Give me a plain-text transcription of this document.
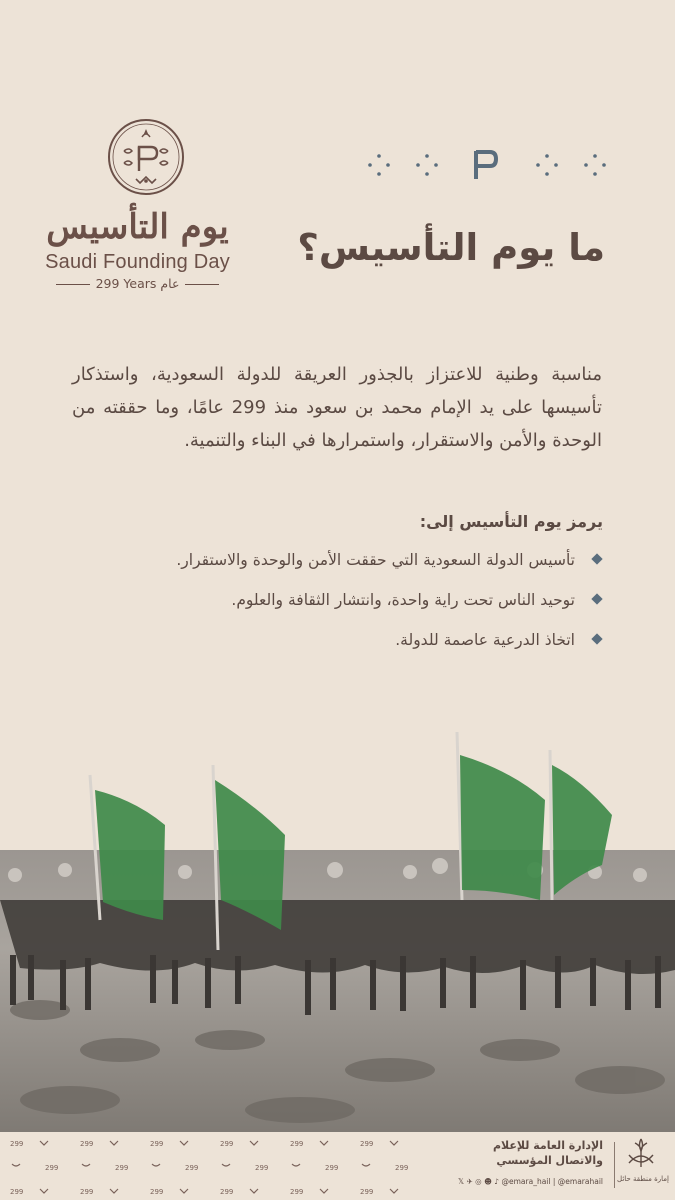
يوم التأسيس
Saudi Founding Day
299 Years عام
ما يوم التأسيس؟

مناسبة وطنية للاعتزاز بالجذور العريقة للدولة السعودية، واستذكار تأسيسها على يد الإمام محمد بن سعود منذ 299 عامًا، وما حققته من الوحدة والأمن والاستقرار، واستمرارها في البناء والتنمية.

يرمز يوم التأسيس إلى:

تأسيس الدولة السعودية التي حققت الأمن والوحدة والاستقرار.
توحيد الناس تحت راية واحدة، وانتشار الثقافة والعلوم.
اتخاذ الدرعية عاصمة للدولة.
299	299	299	299	299	299
299	299	299	299	299	299
299	299	299	299	299	299
الإدارة العامة للإعلام
والاتصال المؤسسي
𝕏 ✈ ◎ ☻ ♪ @emara_hail | @emarahail إمارة منطقة حائل
